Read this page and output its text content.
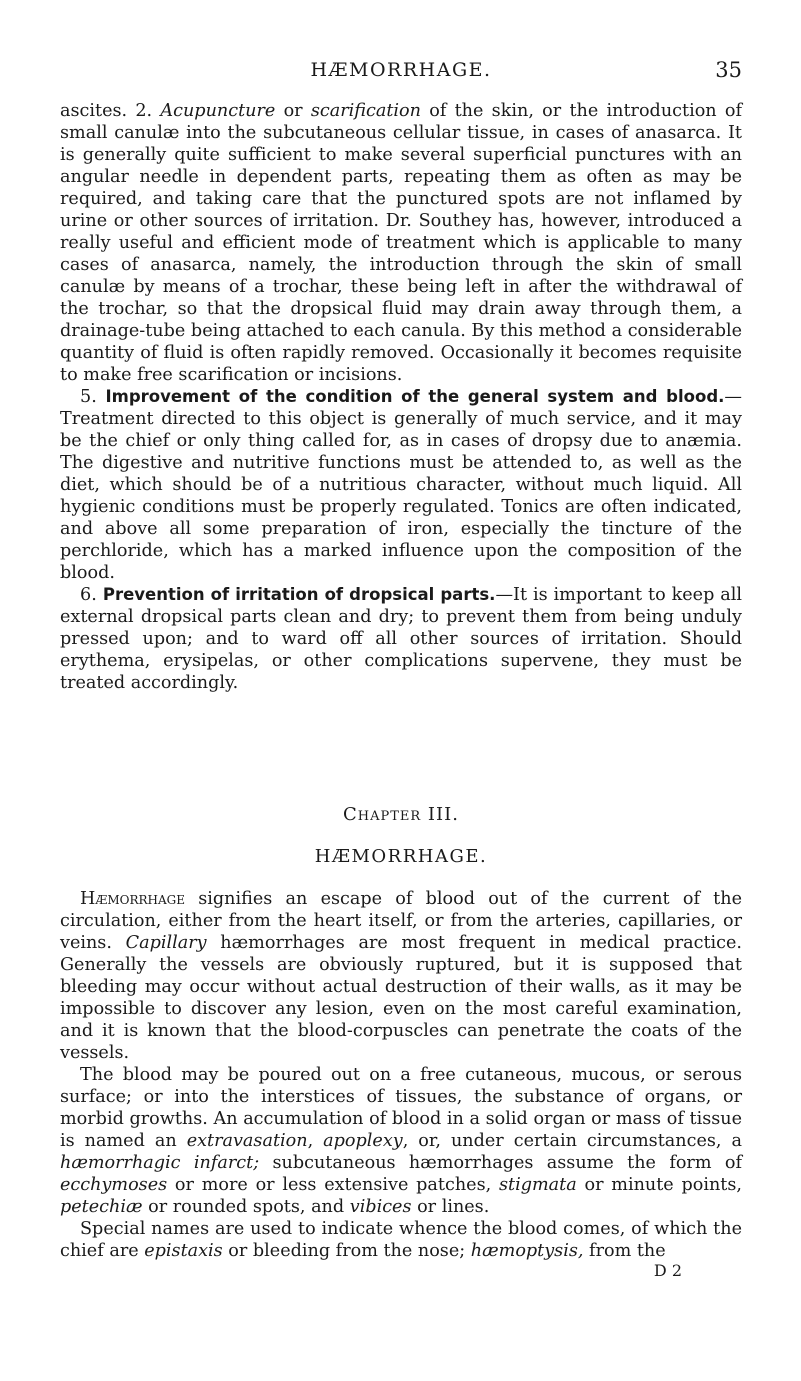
HÆMORRHAGE.	35

ascites. 2. Acupuncture or scarification of the skin, or the introduction of small canulæ into the subcutaneous cellular tissue, in cases of anasarca. It is generally quite sufficient to make several superficial punctures with an angular needle in dependent parts, repeating them as often as may be required, and taking care that the punctured spots are not inflamed by urine or other sources of irritation. Dr. Southey has, however, introduced a really useful and efficient mode of treatment which is applicable to many cases of anasarca, namely, the introduction through the skin of small canulæ by means of a trochar, these being left in after the withdrawal of the trochar, so that the dropsical fluid may drain away through them, a drainage-tube being attached to each canula. By this method a considerable quantity of fluid is often rapidly removed. Occasionally it becomes requisite to make free scarification or incisions.

5. Improvement of the condition of the general system and blood.—Treatment directed to this object is generally of much service, and it may be the chief or only thing called for, as in cases of dropsy due to anæmia. The digestive and nutritive functions must be attended to, as well as the diet, which should be of a nutritious character, without much liquid. All hygienic conditions must be properly regulated. Tonics are often indicated, and above all some preparation of iron, especially the tincture of the perchloride, which has a marked influence upon the composition of the blood.

6. Prevention of irritation of dropsical parts.—It is important to keep all external dropsical parts clean and dry; to prevent them from being unduly pressed upon; and to ward off all other sources of irritation. Should erythema, erysipelas, or other complications supervene, they must be treated accordingly.

Chapter III.

HÆMORRHAGE.

Hæmorrhage signifies an escape of blood out of the current of the circulation, either from the heart itself, or from the arteries, capillaries, or veins. Capillary hæmorrhages are most frequent in medical practice. Generally the vessels are obviously ruptured, but it is supposed that bleeding may occur without actual destruction of their walls, as it may be impossible to discover any lesion, even on the most careful examination, and it is known that the blood-corpuscles can penetrate the coats of the vessels.

The blood may be poured out on a free cutaneous, mucous, or serous surface; or into the interstices of tissues, the substance of organs, or morbid growths. An accumulation of blood in a solid organ or mass of tissue is named an extravasation, apoplexy, or, under certain circumstances, a hæmorrhagic infarct; subcutaneous hæmorrhages assume the form of ecchymoses or more or less extensive patches, stigmata or minute points, petechiæ or rounded spots, and vibices or lines.

Special names are used to indicate whence the blood comes, of which the chief are epistaxis or bleeding from the nose; hæmoptysis, from the

D 2
